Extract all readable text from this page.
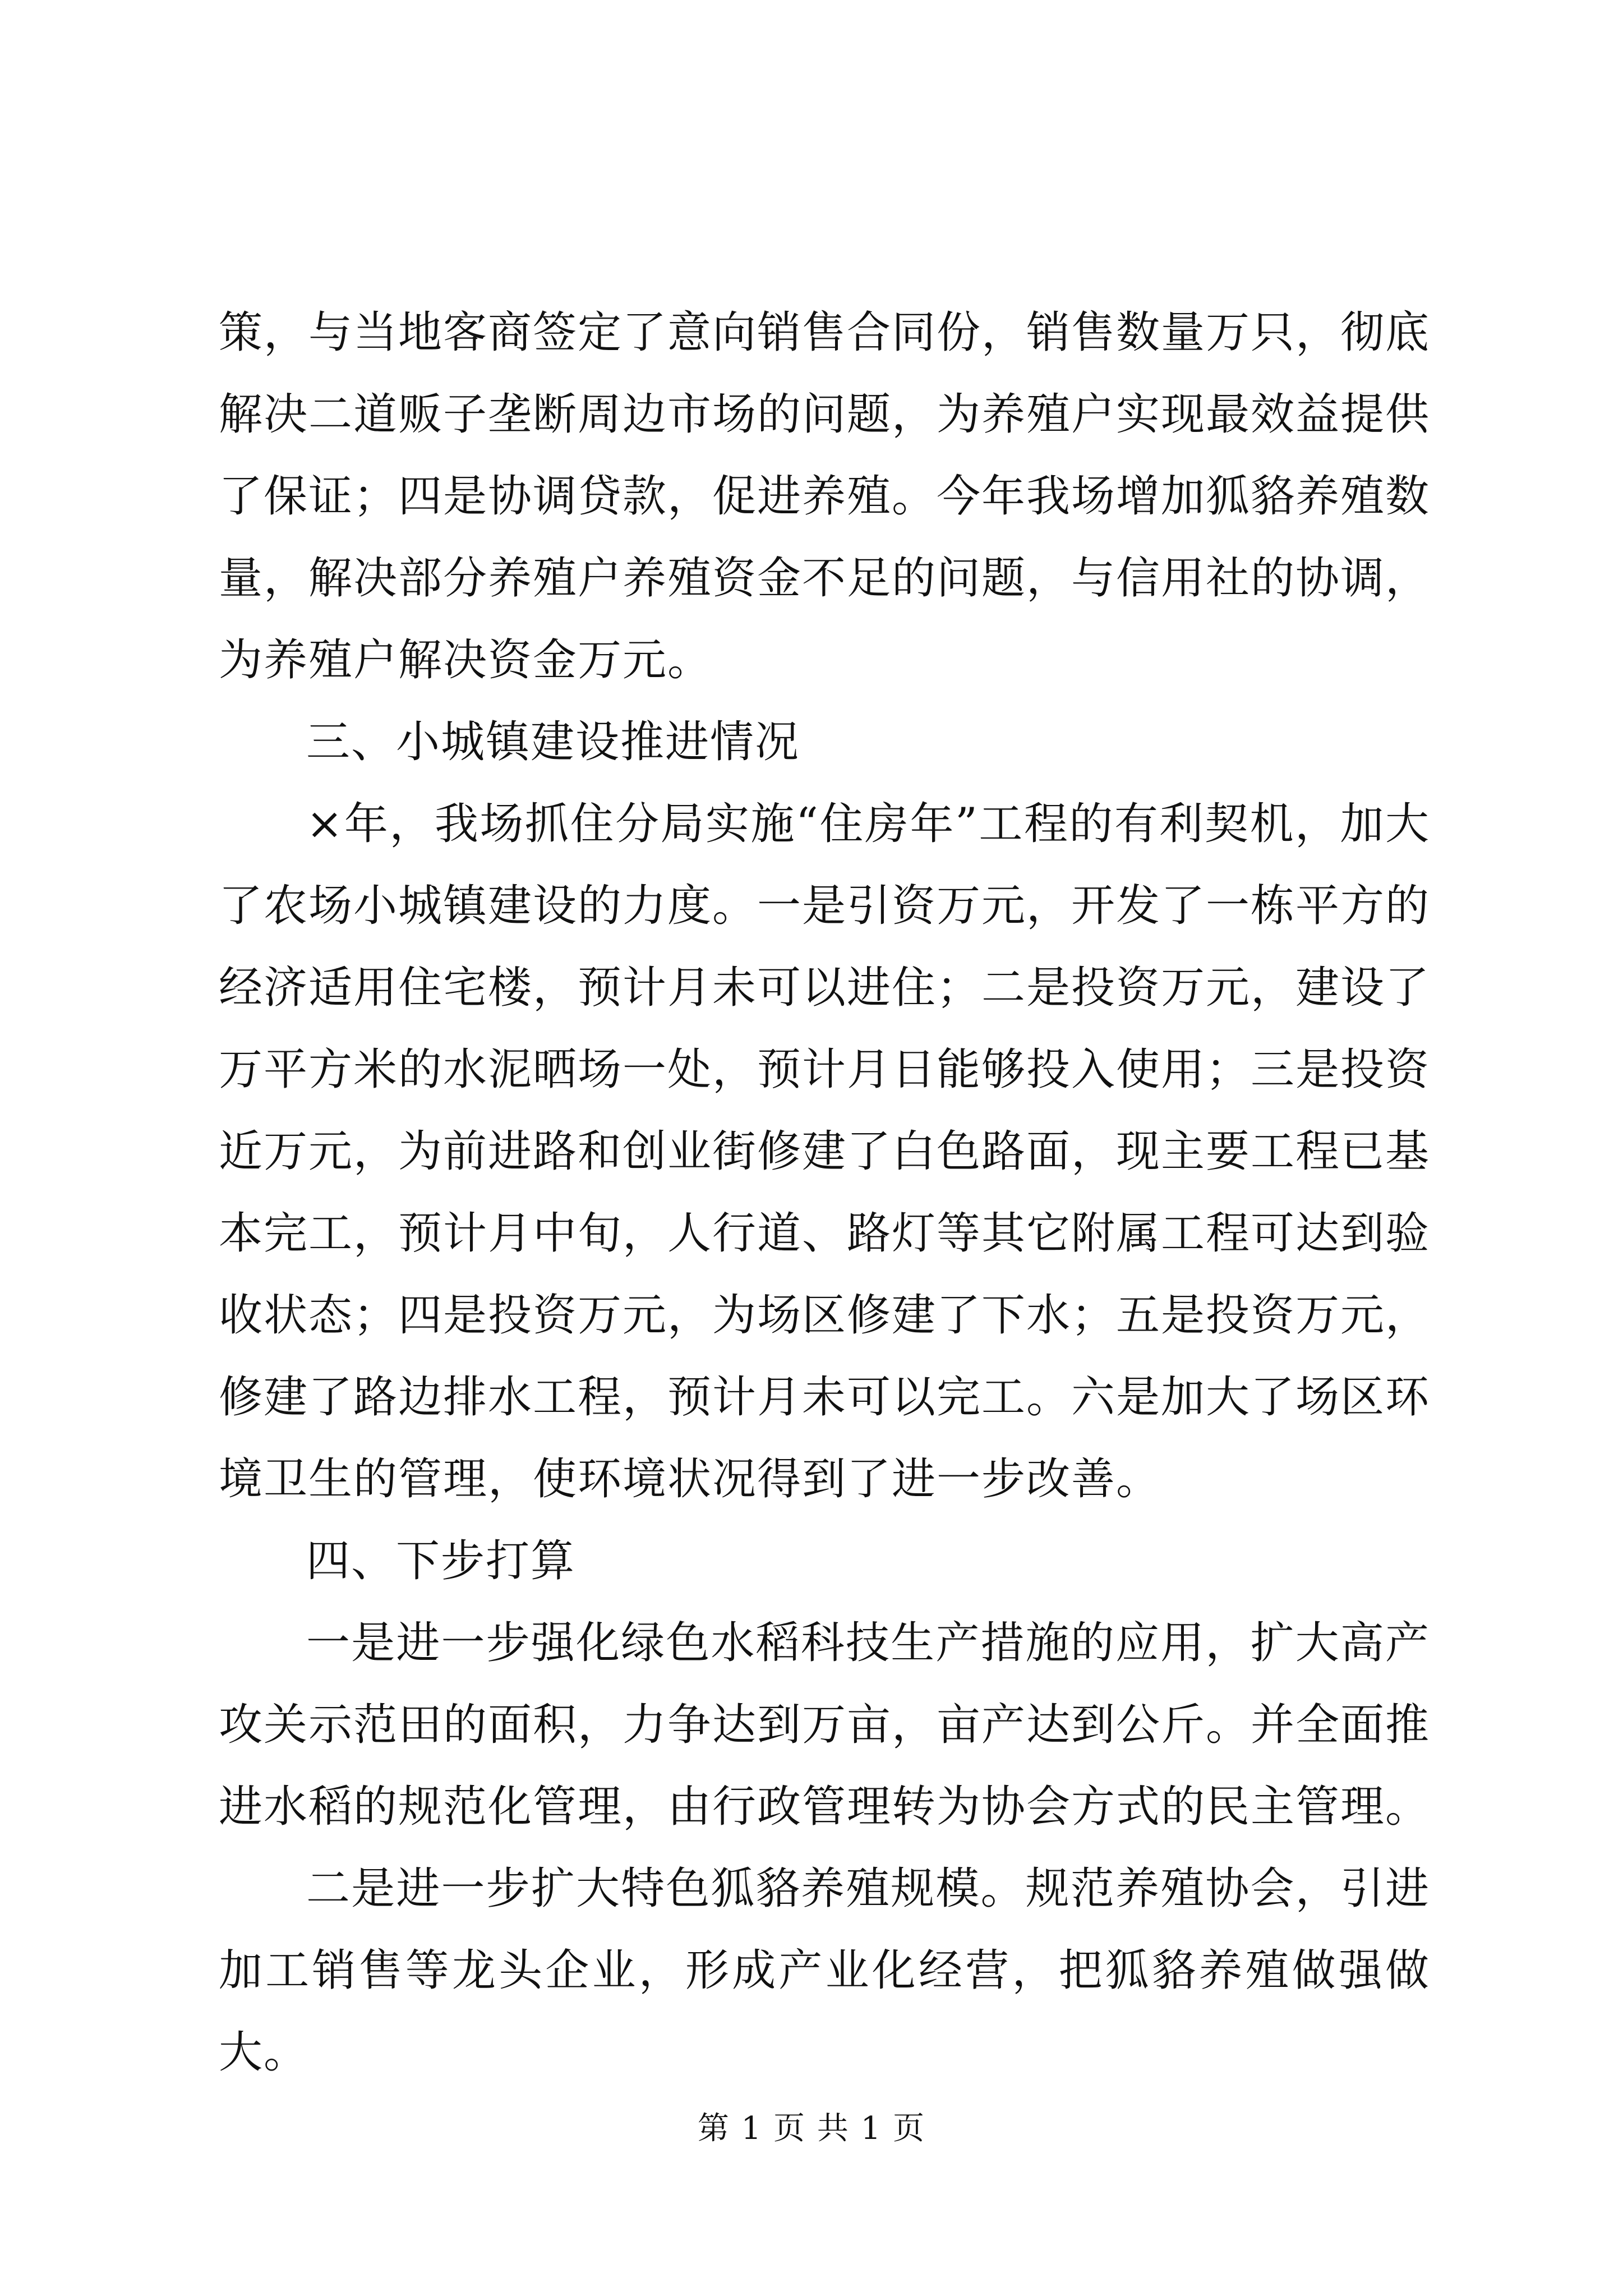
策，与当地客商签定了意向销售合同份，销售数量万只，彻底解决二道贩子垄断周边市场的问题，为养殖户实现最效益提供了保证；四是协调贷款，促进养殖。今年我场增加狐貉养殖数量，解决部分养殖户养殖资金不足的问题，与信用社的协调，为养殖户解决资金万元。

三、小城镇建设推进情况

×年，我场抓住分局实施“住房年”工程的有利契机，加大了农场小城镇建设的力度。一是引资万元，开发了一栋平方的经济适用住宅楼，预计月未可以进住；二是投资万元，建设了万平方米的水泥晒场一处，预计月日能够投入使用；三是投资近万元，为前进路和创业街修建了白色路面，现主要工程已基本完工，预计月中旬，人行道、路灯等其它附属工程可达到验收状态；四是投资万元，为场区修建了下水；五是投资万元，修建了路边排水工程，预计月未可以完工。六是加大了场区环境卫生的管理，使环境状况得到了进一步改善。

四、下步打算

一是进一步强化绿色水稻科技生产措施的应用，扩大高产攻关示范田的面积，力争达到万亩，亩产达到公斤。并全面推进水稻的规范化管理，由行政管理转为协会方式的民主管理。

二是进一步扩大特色狐貉养殖规模。规范养殖协会，引进加工销售等龙头企业，形成产业化经营，把狐貉养殖做强做大。

第 1 页 共 1 页
